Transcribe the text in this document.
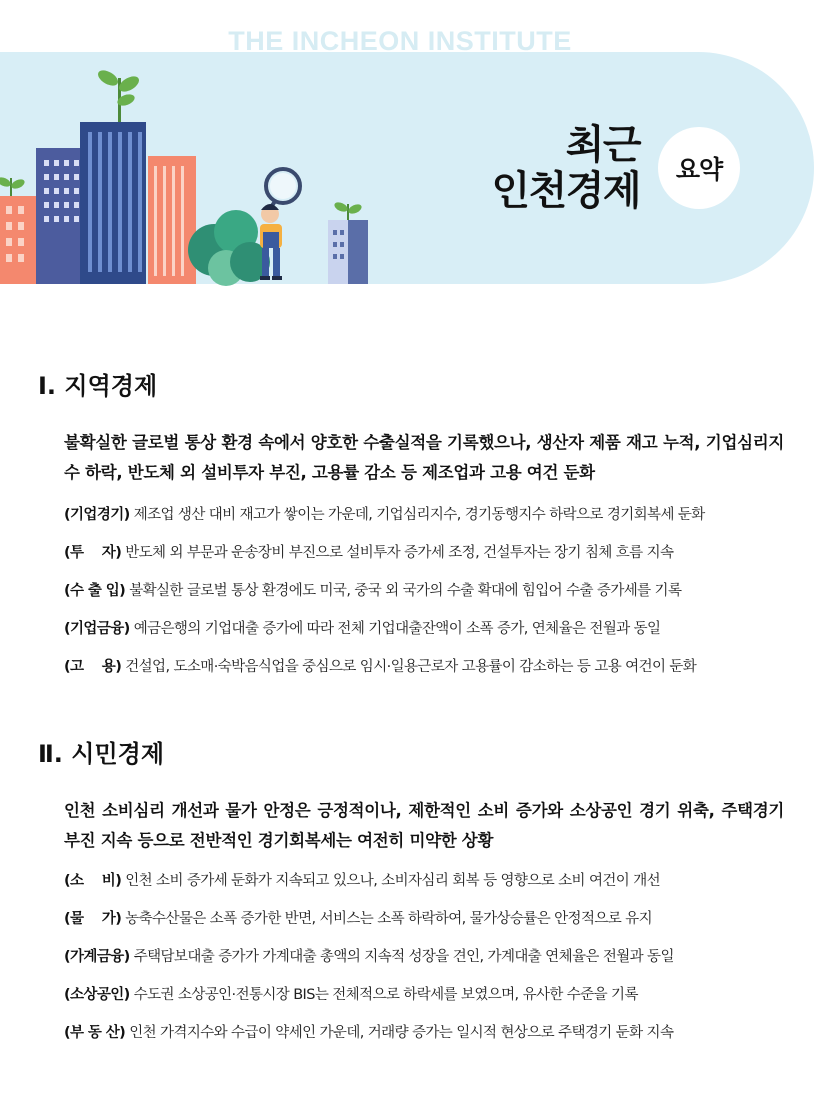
THE INCHEON INSTITUTE
최근
인천경제	요약
Ⅰ. 지역경제
불확실한 글로벌 통상 환경 속에서 양호한 수출실적을 기록했으나, 생산자 제품 재고 누적, 기업심리지수 하락, 반도체 외 설비투자 부진, 고용률 감소 등 제조업과 고용 여건 둔화
(기업경기) 제조업 생산 대비 재고가 쌓이는 가운데, 기업심리지수, 경기동행지수 하락으로 경기회복세 둔화
(투　 자) 반도체 외 부문과 운송장비 부진으로 설비투자 증가세 조정, 건설투자는 장기 침체 흐름 지속
(수 출 입) 불확실한 글로벌 통상 환경에도 미국, 중국 외 국가의 수출 확대에 힘입어 수출 증가세를 기록
(기업금융) 예금은행의 기업대출 증가에 따라 전체 기업대출잔액이 소폭 증가, 연체율은 전월과 동일
(고　 용) 건설업, 도소매·숙박음식업을 중심으로 임시·일용근로자 고용률이 감소하는 등 고용 여건이 둔화
Ⅱ. 시민경제
인천 소비심리 개선과 물가 안정은 긍정적이나, 제한적인 소비 증가와 소상공인 경기 위축, 주택경기 부진 지속 등으로 전반적인 경기회복세는 여전히 미약한 상황
(소　 비) 인천 소비 증가세 둔화가 지속되고 있으나, 소비자심리 회복 등 영향으로 소비 여건이 개선
(물　 가) 농축수산물은 소폭 증가한 반면, 서비스는 소폭 하락하여, 물가상승률은 안정적으로 유지
(가계금융) 주택담보대출 증가가 가계대출 총액의 지속적 성장을 견인, 가계대출 연체율은 전월과 동일
(소상공인) 수도권 소상공인·전통시장 BIS는 전체적으로 하락세를 보였으며, 유사한 수준을 기록
(부 동 산) 인천 가격지수와 수급이 약세인 가운데, 거래량 증가는 일시적 현상으로 주택경기 둔화 지속
